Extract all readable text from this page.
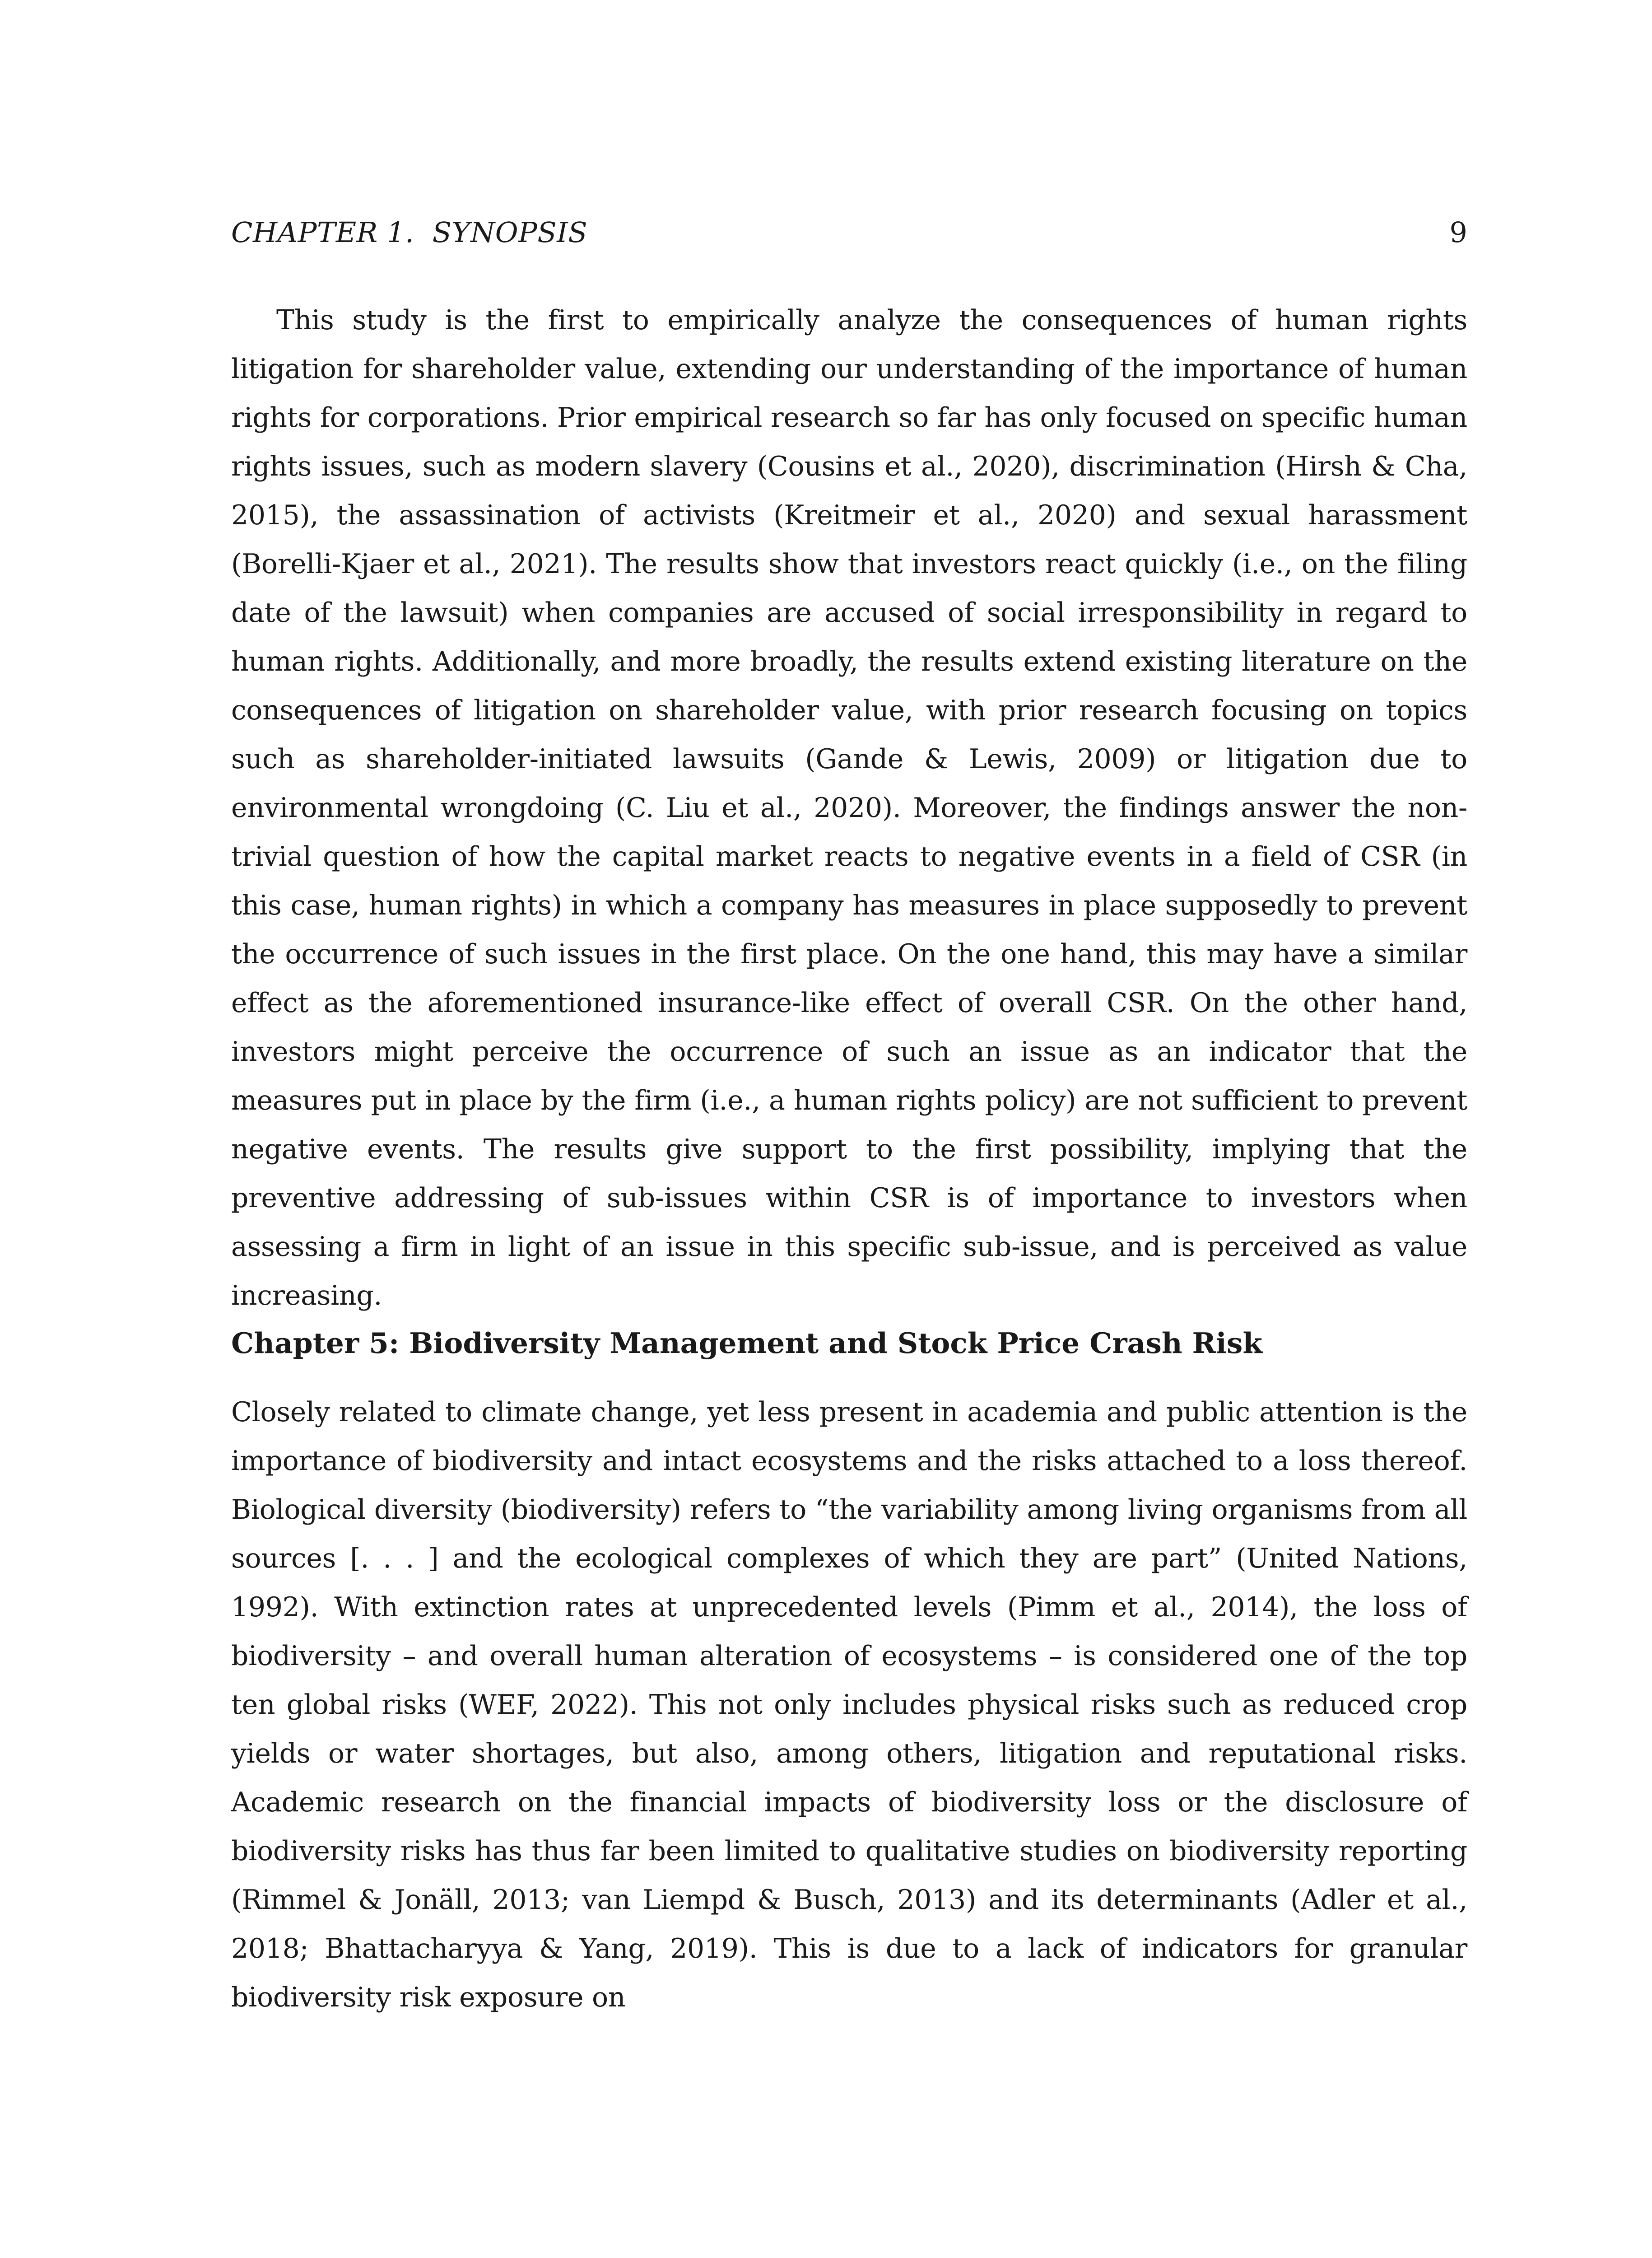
CHAPTER 1.  SYNOPSIS	9

This study is the first to empirically analyze the consequences of human rights litigation for shareholder value, extending our understanding of the importance of human rights for corporations. Prior empirical research so far has only focused on specific human rights issues, such as modern slavery (Cousins et al., 2020), discrimination (Hirsh & Cha, 2015), the assassination of activists (Kreitmeir et al., 2020) and sexual harassment (Borelli-Kjaer et al., 2021). The results show that investors react quickly (i.e., on the filing date of the lawsuit) when companies are accused of social irresponsibility in regard to human rights. Additionally, and more broadly, the results extend existing literature on the consequences of litigation on shareholder value, with prior research focusing on topics such as shareholder-initiated lawsuits (Gande & Lewis, 2009) or litigation due to environmental wrongdoing (C. Liu et al., 2020). Moreover, the findings answer the non-trivial question of how the capital market reacts to negative events in a field of CSR (in this case, human rights) in which a company has measures in place supposedly to prevent the occurrence of such issues in the first place. On the one hand, this may have a similar effect as the aforementioned insurance-like effect of overall CSR. On the other hand, investors might perceive the occurrence of such an issue as an indicator that the measures put in place by the firm (i.e., a human rights policy) are not sufficient to prevent negative events. The results give support to the first possibility, implying that the preventive addressing of sub-issues within CSR is of importance to investors when assessing a firm in light of an issue in this specific sub-issue, and is perceived as value increasing.

Chapter 5: Biodiversity Management and Stock Price Crash Risk

Closely related to climate change, yet less present in academia and public attention is the importance of biodiversity and intact ecosystems and the risks attached to a loss thereof. Biological diversity (biodiversity) refers to “the variability among living organisms from all sources [. . . ] and the ecological complexes of which they are part” (United Nations, 1992). With extinction rates at unprecedented levels (Pimm et al., 2014), the loss of biodiversity – and overall human alteration of ecosystems – is considered one of the top ten global risks (WEF, 2022). This not only includes physical risks such as reduced crop yields or water shortages, but also, among others, litigation and reputational risks. Academic research on the financial impacts of biodiversity loss or the disclosure of biodiversity risks has thus far been limited to qualitative studies on biodiversity reporting (Rimmel & Jonäll, 2013; van Liempd & Busch, 2013) and its determinants (Adler et al., 2018; Bhattacharyya & Yang, 2019). This is due to a lack of indicators for granular biodiversity risk exposure on
